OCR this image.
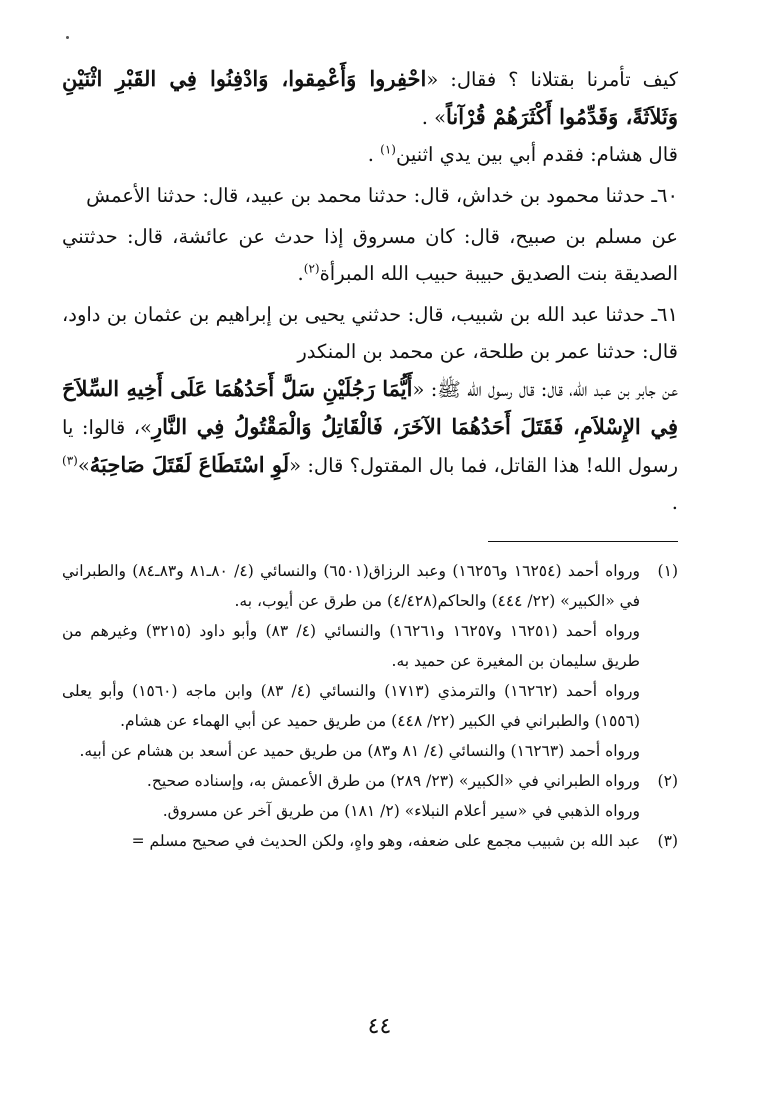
كيف تأمرنا بقتلانا ؟ فقال: «احْفِروا وَأَعْمِقوا، وَادْفِنُوا فِي القَبْرِ اثْنَيْنِ وَثَلاَثَةً، وَقَدِّمُوا أَكْثَرَهُمْ قُرْآناً» .

قال هشام: فقدم أبي بين يدي اثنين$^{(١)}$ .

٦٠ـ حدثنا محمود بن خداش، قال: حدثنا محمد بن عبيد، قال: حدثنا الأعمش

عن مسلم بن صبيح، قال: كان مسروق إذا حدث عن عائشة، قال: حدثتني الصديقة بنت الصديق حبيبة حبيب الله المبرأة$^{(٢)}$.

٦١ـ حدثنا عبد الله بن شبيب، قال: حدثني يحيى بن إبراهيم بن عثمان بن داود، قال: حدثنا عمر بن طلحة، عن محمد بن المنكدر

عن جابر بن عبد الله، قال: قال رسول الله ﷺ: «أَيُّمَا رَجُلَيْنِ سَلَّ أَحَدُهُمَا عَلَى أَخِيهِ السِّلاَحَ فِي الإِسْلاَمِ، فَقَتَلَ أَحَدُهُمَا الآخَرَ، فَالْقَاتِلُ وَالْمَقْتُولُ فِي النَّارِ»، قالوا: يا رسول الله! هذا القاتل، فما بال المقتول؟ قال: «لَوِ اسْتَطَاعَ لَقَتَلَ صَاحِبَهُ»$^{(٣)}$ .

(١)

ورواه أحمد (١٦٢٥٤ و١٦٢٥٦) وعبد الرزاق(٦٥٠١) والنسائي (٤/ ٨٠ـ٨١ و٨٣ـ٨٤) والطبراني في «الكبير» (٢٢/ ٤٤٤) والحاكم(٤/٤٢٨) من طرق عن أيوب، به.

ورواه أحمد (١٦٢٥١ و١٦٢٥٧ و١٦٢٦١) والنسائي (٤/ ٨٣) وأبو داود (٣٢١٥) وغيرهم من طريق سليمان بن المغيرة عن حميد به.

ورواه أحمد (١٦٢٦٢) والترمذي (١٧١٣) والنسائي (٤/ ٨٣) وابن ماجه (١٥٦٠) وأبو يعلى (١٥٥٦) والطبراني في الكبير (٢٢/ ٤٤٨) من طريق حميد عن أبي الهماء عن هشام.

ورواه أحمد (١٦٢٦٣) والنسائي (٤/ ٨١ و٨٣) من طريق حميد عن أسعد بن هشام عن أبيه.

(٢)

ورواه الطبراني في «الكبير» (٢٣/ ٢٨٩) من طرق الأعمش به، وإسناده صحيح.

ورواه الذهبي في «سير أعلام النبلاء» (٢/ ١٨١) من طريق آخر عن مسروق.

(٣)

عبد الله بن شبيب مجمع على ضعفه، وهو واهٍ، ولكن الحديث في صحيح مسلم =

٤٤
